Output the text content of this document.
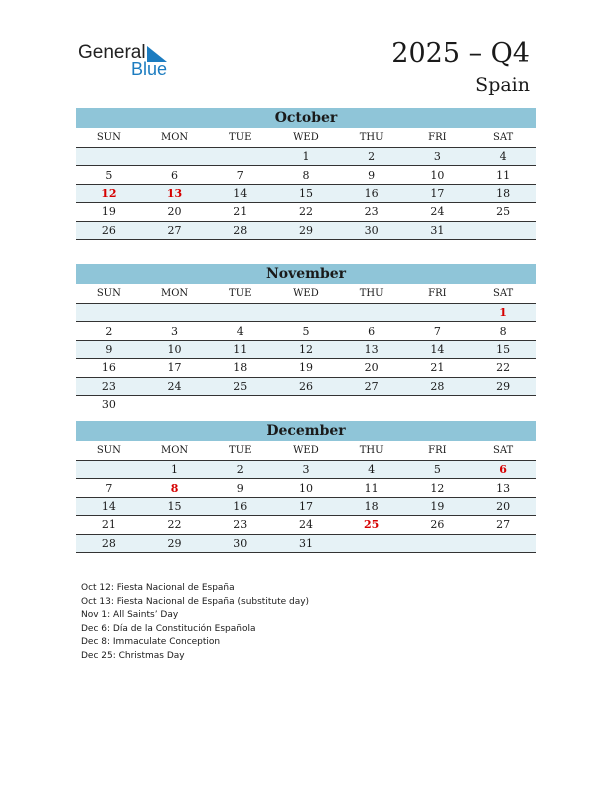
General
Blue	2025 – Q4
Spain
October
SUN	MON	TUE	WED	THU	FRI	SAT
			1	2	3	4
5	6	7	8	9	10	11
12	13	14	15	16	17	18
19	20	21	22	23	24	25
26	27	28	29	30	31	
November
SUN	MON	TUE	WED	THU	FRI	SAT
						1
2	3	4	5	6	7	8
9	10	11	12	13	14	15
16	17	18	19	20	21	22
23	24	25	26	27	28	29
30						
December
SUN	MON	TUE	WED	THU	FRI	SAT
	1	2	3	4	5	6
7	8	9	10	11	12	13
14	15	16	17	18	19	20
21	22	23	24	25	26	27
28	29	30	31			
Oct 12: Fiesta Nacional de España
Oct 13: Fiesta Nacional de España (substitute day)
Nov 1: All Saints’ Day
Dec 6: Día de la Constitución Española
Dec 8: Immaculate Conception
Dec 25: Christmas Day
